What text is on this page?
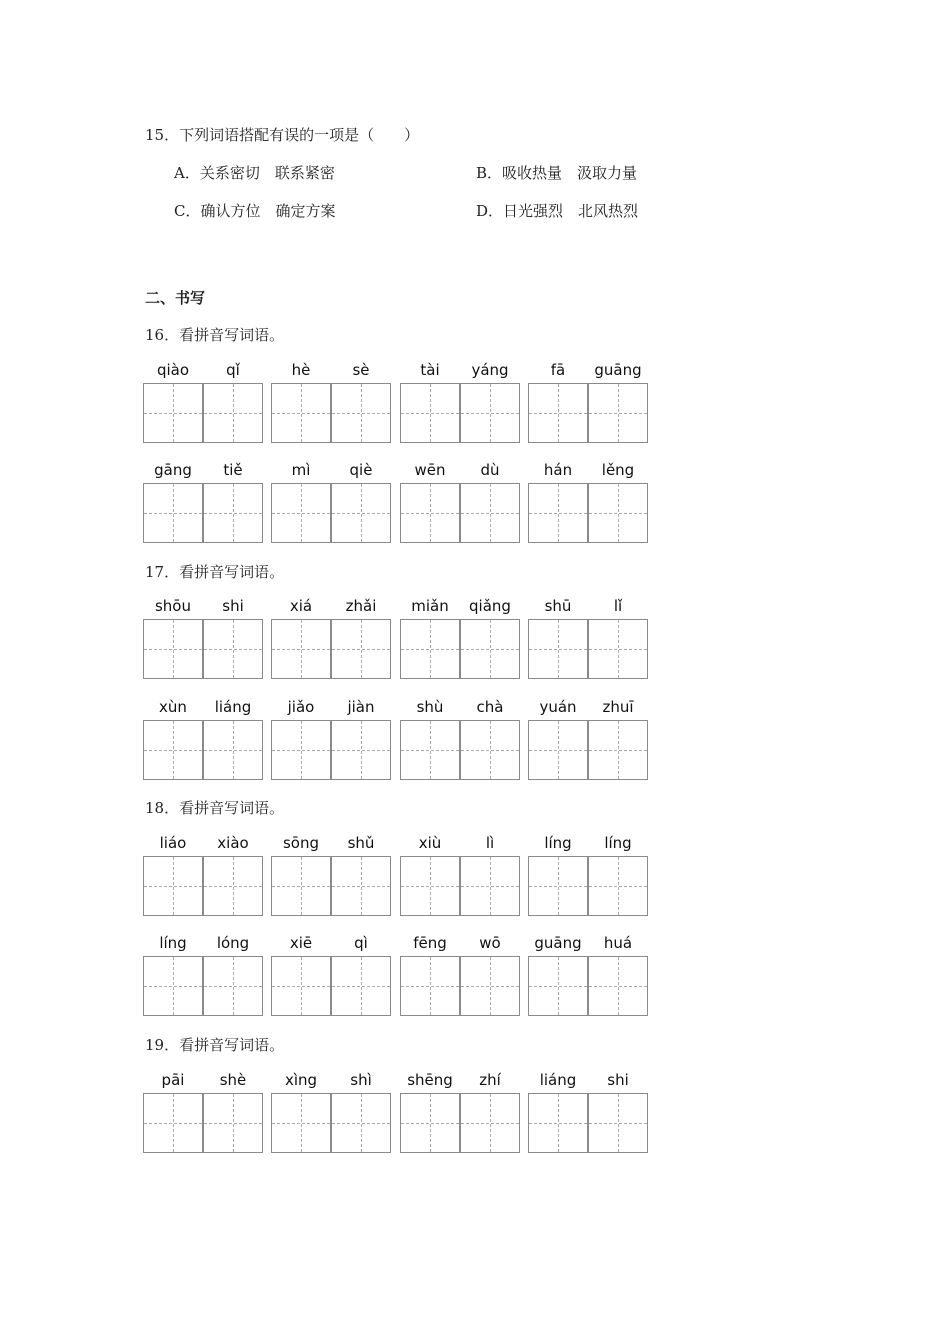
15．下列词语搭配有误的一项是（　　）
A．关系密切　联系紧密	B．吸收热量　汲取力量
C．确认方位　确定方案	D．日光强烈　北风热烈
二、书写
16．看拼音写词语。
17．看拼音写词语。
18．看拼音写词语。
19．看拼音写词语。
qiào	qǐ	hè	sè	tài	yáng	fā	guāng
gāng	tiě	mì	qiè	wēn	dù	hán	lěng
shōu	shi	xiá	zhǎi	miǎn	qiǎng	shū	lǐ
xùn	liáng	jiǎo	jiàn	shù	chà	yuán	zhuī
liáo	xiào	sōng	shǔ	xiù	lì	líng	líng
líng	lóng	xiē	qì	fēng	wō	guāng	huá
pāi	shè	xìng	shì	shēng	zhí	liáng	shi
